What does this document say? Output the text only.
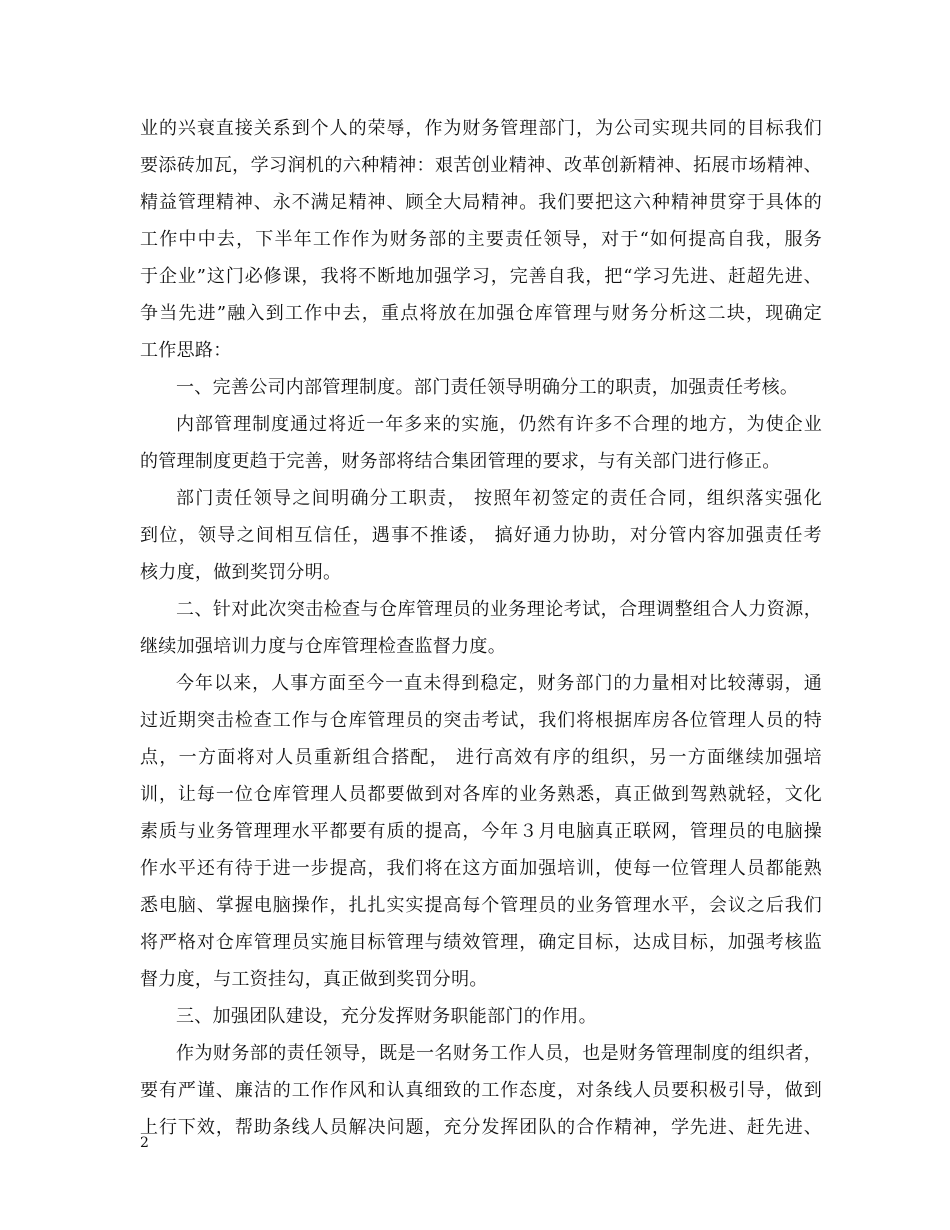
业的兴衰直接关系到个人的荣辱，作为财务管理部门，为公司实现共同的目标我们
要添砖加瓦，学习润机的六种精神：艰苦创业精神、改革创新精神、拓展市场精神、
精益管理精神、永不满足精神、顾全大局精神。我们要把这六种精神贯穿于具体的
工作中中去，下半年工作作为财务部的主要责任领导，对于“如何提高自我，服务
于企业”这门必修课，我将不断地加强学习，完善自我，把“学习先进、赶超先进、
争当先进”融入到工作中去，重点将放在加强仓库管理与财务分析这二块，现确定
工作思路：
一、完善公司内部管理制度。部门责任领导明确分工的职责，加强责任考核。
内部管理制度通过将近一年多来的实施，仍然有许多不合理的地方，为使企业
的管理制度更趋于完善，财务部将结合集团管理的要求，与有关部门进行修正。
部门责任领导之间明确分工职责， 按照年初签定的责任合同，组织落实强化
到位，领导之间相互信任，遇事不推诿， 搞好通力协助，对分管内容加强责任考
核力度，做到奖罚分明。
二、针对此次突击检查与仓库管理员的业务理论考试，合理调整组合人力资源，
继续加强培训力度与仓库管理检查监督力度。
今年以来，人事方面至今一直未得到稳定，财务部门的力量相对比较薄弱，通
过近期突击检查工作与仓库管理员的突击考试，我们将根据库房各位管理人员的特
点，一方面将对人员重新组合搭配， 进行高效有序的组织，另一方面继续加强培
训，让每一位仓库管理人员都要做到对各库的业务熟悉，真正做到驾熟就轻，文化
素质与业务管理理水平都要有质的提高，今年３月电脑真正联网，管理员的电脑操
作水平还有待于进一步提高，我们将在这方面加强培训，使每一位管理人员都能熟
悉电脑、掌握电脑操作，扎扎实实提高每个管理员的业务管理水平，会议之后我们
将严格对仓库管理员实施目标管理与绩效管理，确定目标，达成目标，加强考核监
督力度，与工资挂勾，真正做到奖罚分明。
三、加强团队建设，充分发挥财务职能部门的作用。
作为财务部的责任领导，既是一名财务工作人员，也是财务管理制度的组织者，
要有严谨、廉洁的工作作风和认真细致的工作态度，对条线人员要积极引导，做到
上行下效，帮助条线人员解决问题，充分发挥团队的合作精神，学先进、赶先进、
2
